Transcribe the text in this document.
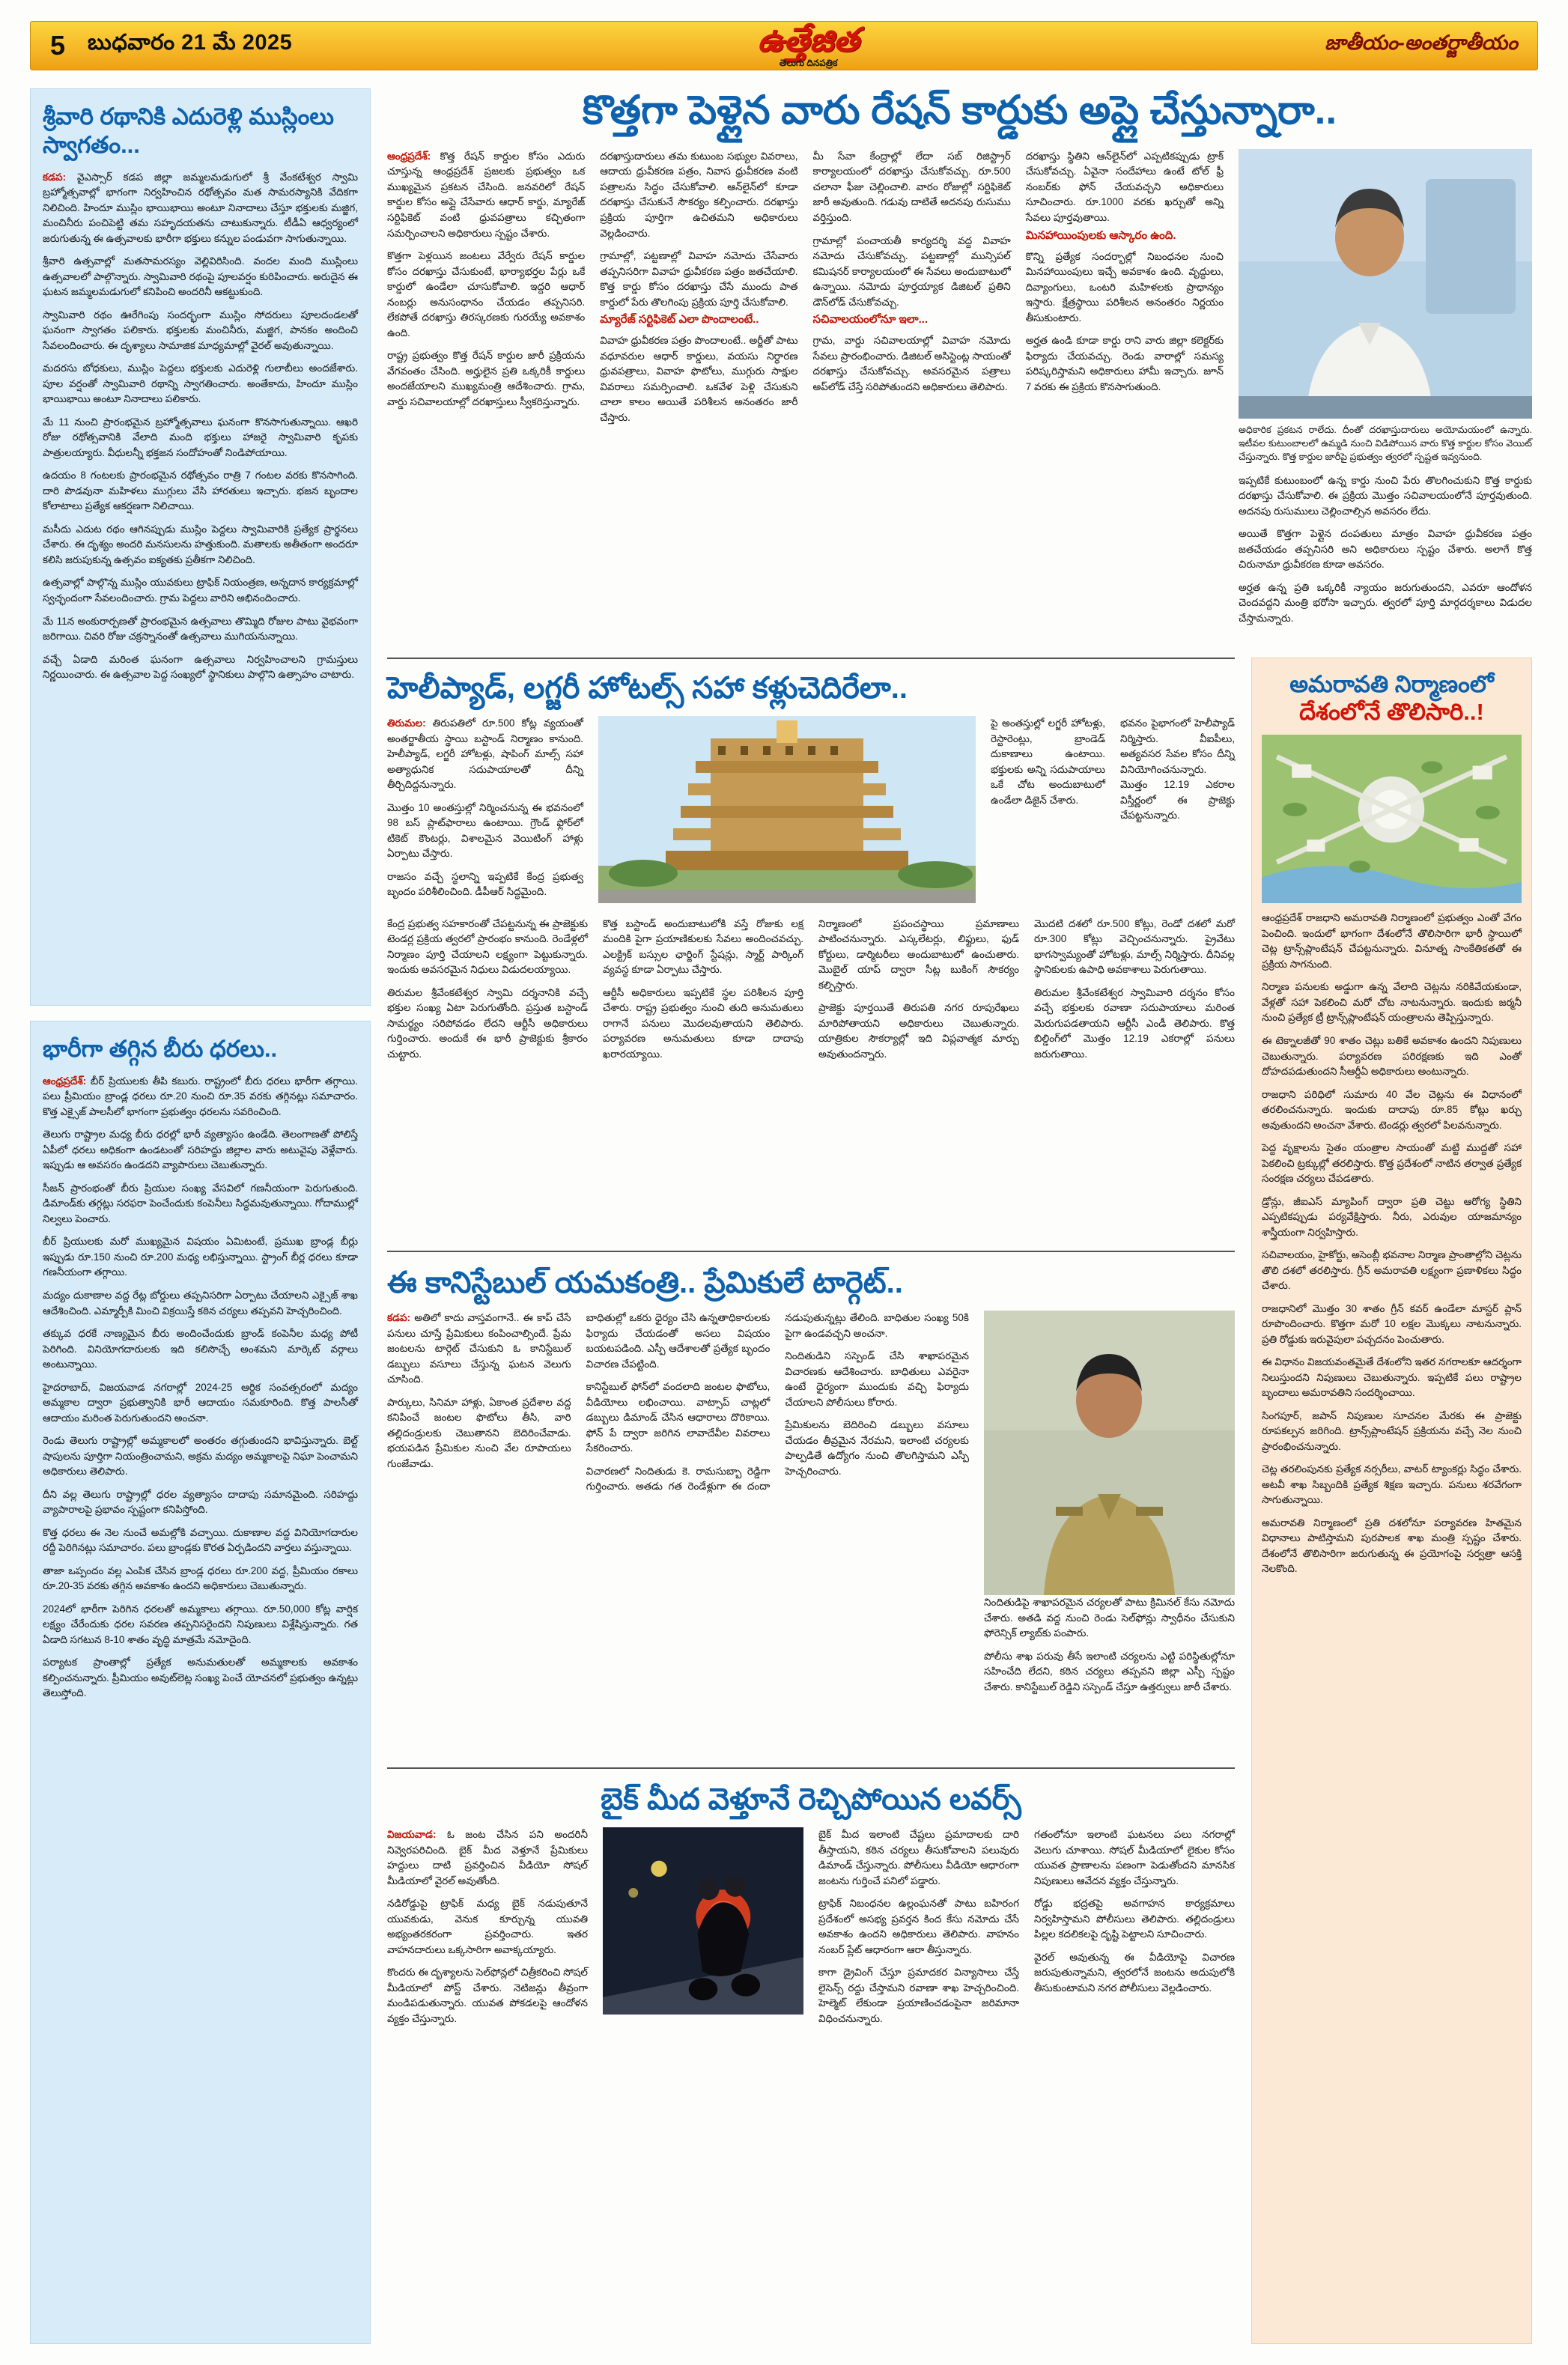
5 బుధవారం 21 మే 2025	ఉత్తేజిత
తెలుగు దినపత్రిక
జాతీయం-అంతర్జాతీయం
శ్రీవారి రథానికి ఎదురెళ్లి ముస్లింలు స్వాగతం...

కడప: వైఎస్సార్ కడప జిల్లా జమ్మలమడుగులో శ్రీ వేంకటేశ్వర స్వామి బ్రహ్మోత్సవాల్లో భాగంగా నిర్వహించిన రథోత్సవం మత సామరస్యానికి వేదికగా నిలిచింది. హిందూ ముస్లిం భాయిభాయి అంటూ నినాదాలు చేస్తూ భక్తులకు మజ్జిగ, మంచినీరు పంచిపెట్టి తమ సహృదయతను చాటుకున్నారు. టీడీఏ ఆధ్వర్యంలో జరుగుతున్న ఈ ఉత్సవాలకు భారీగా భక్తులు కన్నుల పండువగా సాగుతున్నాయి.

శ్రీవారి ఉత్సవాల్లో మతసామరస్యం వెల్లివిరిసింది. వందల మంది ముస్లింలు ఉత్సవాలలో పాల్గొన్నారు. స్వామివారి రథంపై పూలవర్షం కురిపించారు. అరుదైన ఈ ఘటన జమ్మలమడుగులో కనిపించి అందరినీ ఆకట్టుకుంది.

స్వామివారి రథం ఊరేగింపు సందర్భంగా ముస్లిం సోదరులు పూలదండలతో ఘనంగా స్వాగతం పలికారు. భక్తులకు మంచినీరు, మజ్జిగ, పానకం అందించి సేవలందించారు. ఈ దృశ్యాలు సామాజిక మాధ్యమాల్లో వైరల్ అవుతున్నాయి.

మదరసు బోధకులు, ముస్లిం పెద్దలు భక్తులకు ఎదురెళ్లి గులాబీలు అందజేశారు. పూల వర్షంతో స్వామివారి రథాన్ని స్వాగతించారు. అంతేకాదు, హిందూ ముస్లిం భాయిభాయి అంటూ నినాదాలు పలికారు.

మే 11 నుంచి ప్రారంభమైన బ్రహ్మోత్సవాలు ఘనంగా కొనసాగుతున్నాయి. ఆఖరి రోజు రథోత్సవానికి వేలాది మంది భక్తులు హాజరై స్వామివారి కృపకు పాత్రులయ్యారు. వీధులన్నీ భక్తజన సందోహంతో నిండిపోయాయి.

ఉదయం 8 గంటలకు ప్రారంభమైన రథోత్సవం రాత్రి 7 గంటల వరకు కొనసాగింది. దారి పొడవునా మహిళలు ముగ్గులు వేసి హారతులు ఇచ్చారు. భజన బృందాల కోలాటాలు ప్రత్యేక ఆకర్షణగా నిలిచాయి.

మసీదు ఎదుట రథం ఆగినప్పుడు ముస్లిం పెద్దలు స్వామివారికి ప్రత్యేక ప్రార్థనలు చేశారు. ఈ దృశ్యం అందరి మనసులను హత్తుకుంది. మతాలకు అతీతంగా అందరూ కలిసి జరుపుకున్న ఉత్సవం ఐక్యతకు ప్రతీకగా నిలిచింది.

ఉత్సవాల్లో పాల్గొన్న ముస్లిం యువకులు ట్రాఫిక్ నియంత్రణ, అన్నదాన కార్యక్రమాల్లో స్వచ్ఛందంగా సేవలందించారు. గ్రామ పెద్దలు వారిని అభినందించారు.

మే 11న అంకురార్పణతో ప్రారంభమైన ఉత్సవాలు తొమ్మిది రోజుల పాటు వైభవంగా జరిగాయి. చివరి రోజు చక్రస్నానంతో ఉత్సవాలు ముగియనున్నాయి.

వచ్చే ఏడాది మరింత ఘనంగా ఉత్సవాలు నిర్వహించాలని గ్రామస్తులు నిర్ణయించారు. ఈ ఉత్సవాల పెద్ద సంఖ్యలో స్థానికులు పాల్గొని ఉత్సాహం చాటారు.

భారీగా తగ్గిన బీరు ధరలు..

ఆంధ్రప్రదేశ్: బీర్ ప్రియులకు తీపి కబురు. రాష్ట్రంలో బీరు ధరలు భారీగా తగ్గాయి. పలు ప్రీమియం బ్రాండ్ల ధరలు రూ.20 నుంచి రూ.35 వరకు తగ్గినట్లు సమాచారం. కొత్త ఎక్సైజ్ పాలసీలో భాగంగా ప్రభుత్వం ధరలను సవరించింది.

తెలుగు రాష్ట్రాల మధ్య బీరు ధరల్లో భారీ వ్యత్యాసం ఉండేది. తెలంగాణతో పోలిస్తే ఏపీలో ధరలు అధికంగా ఉండటంతో సరిహద్దు జిల్లాల వారు అటువైపు వెళ్లేవారు. ఇప్పుడు ఆ అవసరం ఉండదని వ్యాపారులు చెబుతున్నారు.

సీజన్ ప్రారంభంతో బీరు ప్రియుల సంఖ్య వేసవిలో గణనీయంగా పెరుగుతుంది. డిమాండ్‌కు తగ్గట్లు సరఫరా పెంచేందుకు కంపెనీలు సిద్ధమవుతున్నాయి. గోదాముల్లో నిల్వలు పెంచారు.

బీర్ ప్రియులకు మరో ముఖ్యమైన విషయం ఏమిటంటే, ప్రముఖ బ్రాండ్ల బీర్లు ఇప్పుడు రూ.150 నుంచి రూ.200 మధ్య లభిస్తున్నాయి. స్ట్రాంగ్ బీర్ల ధరలు కూడా గణనీయంగా తగ్గాయి.

మద్యం దుకాణాల వద్ద రేట్ల బోర్డులు తప్పనిసరిగా ఏర్పాటు చేయాలని ఎక్సైజ్ శాఖ ఆదేశించింది. ఎమ్మార్పీకి మించి విక్రయిస్తే కఠిన చర్యలు తప్పవని హెచ్చరించింది.

తక్కువ ధరకే నాణ్యమైన బీరు అందించేందుకు బ్రాండ్ కంపెనీల మధ్య పోటీ పెరిగింది. వినియోగదారులకు ఇది కలిసొచ్చే అంశమని మార్కెట్ వర్గాలు అంటున్నాయి.

హైదరాబాద్, విజయవాడ నగరాల్లో 2024-25 ఆర్థిక సంవత్సరంలో మద్యం అమ్మకాల ద్వారా ప్రభుత్వానికి భారీ ఆదాయం సమకూరింది. కొత్త పాలసీతో ఆదాయం మరింత పెరుగుతుందని అంచనా.

రెండు తెలుగు రాష్ట్రాల్లో అమ్మకాలలో అంతరం తగ్గుతుందని భావిస్తున్నారు. బెల్ట్ షాపులను పూర్తిగా నియంత్రించామని, అక్రమ మద్యం అమ్మకాలపై నిఘా పెంచామని అధికారులు తెలిపారు.

దీని వల్ల తెలుగు రాష్ట్రాల్లో ధరల వ్యత్యాసం దాదాపు సమానమైంది. సరిహద్దు వ్యాపారాలపై ప్రభావం స్పష్టంగా కనిపిస్తోంది.

కొత్త ధరలు ఈ నెల నుంచే అమల్లోకి వచ్చాయి. దుకాణాల వద్ద వినియోగదారుల రద్దీ పెరిగినట్లు సమాచారం. పలు బ్రాండ్లకు కొరత ఏర్పడిందని వార్తలు వస్తున్నాయి.

తాజా ఒప్పందం వల్ల ఎంపిక చేసిన బ్రాండ్ల ధరలు రూ.200 వద్ద, ప్రీమియం రకాలు రూ.20-35 వరకు తగ్గిన అవకాశం ఉందని అధికారులు చెబుతున్నారు.

2024లో భారీగా పెరిగిన ధరలతో అమ్మకాలు తగ్గాయి. రూ.50,000 కోట్ల వార్షిక లక్ష్యం చేరేందుకు ధరల సవరణ తప్పనిసరైందని నిపుణులు విశ్లేషిస్తున్నారు. గత ఏడాది సగటున 8-10 శాతం వృద్ధి మాత్రమే నమోదైంది.

పర్యాటక ప్రాంతాల్లో ప్రత్యేక అనుమతులతో అమ్మకాలకు అవకాశం కల్పించనున్నారు. ప్రీమియం అవుట్‌లెట్ల సంఖ్య పెంచే యోచనలో ప్రభుత్వం ఉన్నట్లు తెలుస్తోంది.

కొత్తగా పెళ్లైన వారు రేషన్ కార్డుకు అప్లై చేస్తున్నారా..

ఆంధ్రప్రదేశ్: కొత్త రేషన్ కార్డుల కోసం ఎదురు చూస్తున్న ఆంధ్రప్రదేశ్ ప్రజలకు ప్రభుత్వం ఒక ముఖ్యమైన ప్రకటన చేసింది. జనవరిలో రేషన్ కార్డుల కోసం అప్లై చేసేవారు ఆధార్ కార్డు, మ్యారేజ్ సర్టిఫికెట్ వంటి ధ్రువపత్రాలు కచ్చితంగా సమర్పించాలని అధికారులు స్పష్టం చేశారు.

కొత్తగా పెళ్లయిన జంటలు వేర్వేరు రేషన్ కార్డుల కోసం దరఖాస్తు చేసుకుంటే, భార్యాభర్తల పేర్లు ఒకే కార్డులో ఉండేలా చూసుకోవాలి. ఇద్దరి ఆధార్ నంబర్లు అనుసంధానం చేయడం తప్పనిసరి. లేకపోతే దరఖాస్తు తిరస్కరణకు గురయ్యే అవకాశం ఉంది.

రాష్ట్ర ప్రభుత్వం కొత్త రేషన్ కార్డుల జారీ ప్రక్రియను వేగవంతం చేసింది. అర్హులైన ప్రతి ఒక్కరికీ కార్డులు అందజేయాలని ముఖ్యమంత్రి ఆదేశించారు. గ్రామ, వార్డు సచివాలయాల్లో దరఖాస్తులు స్వీకరిస్తున్నారు.

దరఖాస్తుదారులు తమ కుటుంబ సభ్యుల వివరాలు, ఆదాయ ధ్రువీకరణ పత్రం, నివాస ధ్రువీకరణ వంటి పత్రాలను సిద్ధం చేసుకోవాలి. ఆన్‌లైన్‌లో కూడా దరఖాస్తు చేసుకునే సౌకర్యం కల్పించారు. దరఖాస్తు ప్రక్రియ పూర్తిగా ఉచితమని అధికారులు వెల్లడించారు.

గ్రామాల్లో, పట్టణాల్లో వివాహ నమోదు చేసేవారు తప్పనిసరిగా వివాహ ధ్రువీకరణ పత్రం జతచేయాలి. కొత్త కార్డు కోసం దరఖాస్తు చేసే ముందు పాత కార్డులో పేరు తొలగింపు ప్రక్రియ పూర్తి చేసుకోవాలి.

మ్యారేజ్ సర్టిఫికెట్ ఎలా పొందాలంటే..

వివాహ ధ్రువీకరణ పత్రం పొందాలంటే.. అర్జీతో పాటు వధూవరుల ఆధార్ కార్డులు, వయసు నిర్ధారణ ధ్రువపత్రాలు, వివాహ ఫొటోలు, ముగ్గురు సాక్షుల వివరాలు సమర్పించాలి. ఒకవేళ పెళ్లి చేసుకుని చాలా కాలం అయితే పరిశీలన అనంతరం జారీ చేస్తారు.

మీ సేవా కేంద్రాల్లో లేదా సబ్ రిజిస్ట్రార్ కార్యాలయంలో దరఖాస్తు చేసుకోవచ్చు. రూ.500 చలానా ఫీజు చెల్లించాలి. వారం రోజుల్లో సర్టిఫికెట్ జారీ అవుతుంది. గడువు దాటితే అదనపు రుసుము వర్తిస్తుంది.

గ్రామాల్లో పంచాయతీ కార్యదర్శి వద్ద వివాహ నమోదు చేసుకోవచ్చు. పట్టణాల్లో మున్సిపల్ కమిషనర్ కార్యాలయంలో ఈ సేవలు అందుబాటులో ఉన్నాయి. నమోదు పూర్తయ్యాక డిజిటల్ ప్రతిని డౌన్‌లోడ్ చేసుకోవచ్చు.

సచివాలయంలోనూ ఇలా...

గ్రామ, వార్డు సచివాలయాల్లో వివాహ నమోదు సేవలు ప్రారంభించారు. డిజిటల్ అసిస్టెంట్ల సాయంతో దరఖాస్తు చేసుకోవచ్చు. అవసరమైన పత్రాలు అప్‌లోడ్ చేస్తే సరిపోతుందని అధికారులు తెలిపారు.

దరఖాస్తు స్థితిని ఆన్‌లైన్‌లో ఎప్పటికప్పుడు ట్రాక్ చేసుకోవచ్చు. ఏవైనా సందేహాలు ఉంటే టోల్ ఫ్రీ నంబర్‌కు ఫోన్ చేయవచ్చని అధికారులు సూచించారు. రూ.1000 వరకు ఖర్చుతో అన్ని సేవలు పూర్తవుతాయి.

మినహాయింపులకు ఆస్కారం ఉంది.

కొన్ని ప్రత్యేక సందర్భాల్లో నిబంధనల నుంచి మినహాయింపులు ఇచ్చే అవకాశం ఉంది. వృద్ధులు, దివ్యాంగులు, ఒంటరి మహిళలకు ప్రాధాన్యం ఇస్తారు. క్షేత్రస్థాయి పరిశీలన అనంతరం నిర్ణయం తీసుకుంటారు.

అర్హత ఉండి కూడా కార్డు రాని వారు జిల్లా కలెక్టర్‌కు ఫిర్యాదు చేయవచ్చు. రెండు వారాల్లో సమస్య పరిష్కరిస్తామని అధికారులు హామీ ఇచ్చారు. జూన్ 7 వరకు ఈ ప్రక్రియ కొనసాగుతుంది.

అధికారిక ప్రకటన రాలేదు. దీంతో దరఖాస్తుదారులు అయోమయంలో ఉన్నారు. ఇటీవల కుటుంబాలలో ఉమ్మడి నుంచి విడిపోయిన వారు కొత్త కార్డుల కోసం వెయిట్ చేస్తున్నారు. కొత్త కార్డుల జారీపై ప్రభుత్వం త్వరలో స్పష్టత ఇవ్వనుంది.

ఇప్పటికే కుటుంబంలో ఉన్న కార్డు నుంచి పేరు తొలగించుకుని కొత్త కార్డుకు దరఖాస్తు చేసుకోవాలి. ఈ ప్రక్రియ మొత్తం సచివాలయంలోనే పూర్తవుతుంది. అదనపు రుసుములు చెల్లించాల్సిన అవసరం లేదు.

అయితే కొత్తగా పెళ్లైన దంపతులు మాత్రం వివాహ ధ్రువీకరణ పత్రం జతచేయడం తప్పనిసరి అని అధికారులు స్పష్టం చేశారు. అలాగే కొత్త చిరునామా ధ్రువీకరణ కూడా అవసరం.

అర్హత ఉన్న ప్రతి ఒక్కరికీ న్యాయం జరుగుతుందని, ఎవరూ ఆందోళన చెందవద్దని మంత్రి భరోసా ఇచ్చారు. త్వరలో పూర్తి మార్గదర్శకాలు విడుదల చేస్తామన్నారు.

హెలీప్యాడ్, లగ్జరీ హోటల్స్ సహా కళ్లుచెదిరేలా..

తిరుమల: తిరుపతిలో రూ.500 కోట్ల వ్యయంతో అంతర్జాతీయ స్థాయి బస్టాండ్ నిర్మాణం కానుంది. హెలీప్యాడ్, లగ్జరీ హోటళ్లు, షాపింగ్ మాల్స్ సహా అత్యాధునిక సదుపాయాలతో దీన్ని తీర్చిదిద్దనున్నారు.

మొత్తం 10 అంతస్తుల్లో నిర్మించనున్న ఈ భవనంలో 98 బస్ ప్లాట్‌ఫారాలు ఉంటాయి. గ్రౌండ్ ఫ్లోర్‌లో టికెట్ కౌంటర్లు, విశాలమైన వెయిటింగ్ హాళ్లు ఏర్పాటు చేస్తారు.

రాజసం వచ్చే స్థలాన్ని ఇప్పటికే కేంద్ర ప్రభుత్వ బృందం పరిశీలించింది. డీపీఆర్ సిద్ధమైంది.

పై అంతస్తుల్లో లగ్జరీ హోటళ్లు, రెస్టారెంట్లు, బ్రాండెడ్ దుకాణాలు ఉంటాయి. భక్తులకు అన్ని సదుపాయాలు ఒకే చోట అందుబాటులో ఉండేలా డిజైన్ చేశారు.

భవనం పైభాగంలో హెలీప్యాడ్ నిర్మిస్తారు. వీఐపీలు, అత్యవసర సేవల కోసం దీన్ని వినియోగించనున్నారు. మొత్తం 12.19 ఎకరాల విస్తీర్ణంలో ఈ ప్రాజెక్టు చేపట్టనున్నారు.

కేంద్ర ప్రభుత్వ సహకారంతో చేపట్టనున్న ఈ ప్రాజెక్టుకు టెండర్ల ప్రక్రియ త్వరలో ప్రారంభం కానుంది. రెండేళ్లలో నిర్మాణం పూర్తి చేయాలని లక్ష్యంగా పెట్టుకున్నారు. ఇందుకు అవసరమైన నిధులు విడుదలయ్యాయి.

తిరుమల శ్రీవేంకటేశ్వర స్వామి దర్శనానికి వచ్చే భక్తుల సంఖ్య ఏటా పెరుగుతోంది. ప్రస్తుత బస్టాండ్ సామర్థ్యం సరిపోవడం లేదని ఆర్టీసీ అధికారులు గుర్తించారు. అందుకే ఈ భారీ ప్రాజెక్టుకు శ్రీకారం చుట్టారు.

కొత్త బస్టాండ్ అందుబాటులోకి వస్తే రోజుకు లక్ష మందికి పైగా ప్రయాణికులకు సేవలు అందించవచ్చు. ఎలక్ట్రిక్ బస్సుల ఛార్జింగ్ స్టేషన్లు, స్మార్ట్ పార్కింగ్ వ్యవస్థ కూడా ఏర్పాటు చేస్తారు.

ఆర్టీసీ అధికారులు ఇప్పటికే స్థల పరిశీలన పూర్తి చేశారు. రాష్ట్ర ప్రభుత్వం నుంచి తుది అనుమతులు రాగానే పనులు మొదలవుతాయని తెలిపారు. పర్యావరణ అనుమతులు కూడా దాదాపు ఖరారయ్యాయి.

నిర్మాణంలో ప్రపంచస్థాయి ప్రమాణాలు పాటించనున్నారు. ఎస్కలేటర్లు, లిఫ్టులు, ఫుడ్ కోర్టులు, డార్మిటరీలు అందుబాటులో ఉంచుతారు. మొబైల్ యాప్ ద్వారా సీట్ల బుకింగ్ సౌకర్యం కల్పిస్తారు.

ప్రాజెక్టు పూర్తయితే తిరుపతి నగర రూపురేఖలు మారిపోతాయని అధికారులు చెబుతున్నారు. యాత్రికుల సౌకర్యాల్లో ఇది విప్లవాత్మక మార్పు అవుతుందన్నారు.

మొదటి దశలో రూ.500 కోట్లు, రెండో దశలో మరో రూ.300 కోట్లు వెచ్చించనున్నారు. ప్రైవేటు భాగస్వామ్యంతో హోటళ్లు, మాల్స్ నిర్మిస్తారు. దీనివల్ల స్థానికులకు ఉపాధి అవకాశాలు పెరుగుతాయి.

తిరుమల శ్రీవేంకటేశ్వర స్వామివారి దర్శనం కోసం వచ్చే భక్తులకు రవాణా సదుపాయాలు మరింత మెరుగుపడతాయని ఆర్టీసీ ఎండీ తెలిపారు. కొత్త బిల్డింగ్‌లో మొత్తం 12.19 ఎకరాల్లో పనులు జరుగుతాయి.

ఈ కానిస్టేబుల్ యమకంత్రి.. ప్రేమికులే టార్గెట్..

కడప: అతిలో కాదు వాస్తవంగానే.. ఈ కాప్ చేసే పనులు చూస్తే ప్రేమికులు కంపించాల్సిందే. ప్రేమ జంటలను టార్గెట్ చేసుకుని ఓ కానిస్టేబుల్ డబ్బులు వసూలు చేస్తున్న ఘటన వెలుగు చూసింది.

పార్కులు, సినిమా హాళ్లు, ఏకాంత ప్రదేశాల వద్ద కనిపించే జంటల ఫొటోలు తీసి, వారి తల్లిదండ్రులకు చెబుతానని బెదిరించేవాడు. భయపడిన ప్రేమికుల నుంచి వేల రూపాయలు గుంజేవాడు.

బాధితుల్లో ఒకరు ధైర్యం చేసి ఉన్నతాధికారులకు ఫిర్యాదు చేయడంతో అసలు విషయం బయటపడింది. ఎస్పీ ఆదేశాలతో ప్రత్యేక బృందం విచారణ చేపట్టింది.

కానిస్టేబుల్ ఫోన్‌లో వందలాది జంటల ఫొటోలు, వీడియోలు లభించాయి. వాట్సాప్ చాట్లలో డబ్బులు డిమాండ్ చేసిన ఆధారాలు దొరికాయి. ఫోన్ పే ద్వారా జరిగిన లావాదేవీల వివరాలు సేకరించారు.

విచారణలో నిందితుడు కె. రామసుబ్బా రెడ్డిగా గుర్తించారు. అతడు గత రెండేళ్లుగా ఈ దందా నడుపుతున్నట్లు తేలింది. బాధితుల సంఖ్య 50కి పైగా ఉండవచ్చని అంచనా.

నిందితుడిని సస్పెండ్ చేసి శాఖాపరమైన విచారణకు ఆదేశించారు. బాధితులు ఎవరైనా ఉంటే ధైర్యంగా ముందుకు వచ్చి ఫిర్యాదు చేయాలని పోలీసులు కోరారు.

ప్రేమికులను బెదిరించి డబ్బులు వసూలు చేయడం తీవ్రమైన నేరమని, ఇలాంటి చర్యలకు పాల్పడితే ఉద్యోగం నుంచి తొలగిస్తామని ఎస్పీ హెచ్చరించారు.

నిందితుడిపై శాఖాపరమైన చర్యలతో పాటు క్రిమినల్ కేసు నమోదు చేశారు. అతడి వద్ద నుంచి రెండు సెల్‌ఫోన్లు స్వాధీనం చేసుకుని ఫోరెన్సిక్ ల్యాబ్‌కు పంపారు.

పోలీసు శాఖ పరువు తీసే ఇలాంటి చర్యలను ఎట్టి పరిస్థితుల్లోనూ సహించేది లేదని, కఠిన చర్యలు తప్పవని జిల్లా ఎస్పీ స్పష్టం చేశారు. కానిస్టేబుల్ రెడ్డిని సస్పెండ్ చేస్తూ ఉత్తర్వులు జారీ చేశారు.

బైక్ మీద వెళ్తూనే రెచ్చిపోయిన లవర్స్

విజయవాడ: ఓ జంట చేసిన పని అందరినీ నివ్వెరపరిచింది. బైక్ మీద వెళ్తూనే ప్రేమికులు హద్దులు దాటి ప్రవర్తించిన వీడియో సోషల్ మీడియాలో వైరల్ అవుతోంది.

నడిరోడ్డుపై ట్రాఫిక్ మధ్య బైక్ నడుపుతూనే యువకుడు, వెనుక కూర్చున్న యువతి అభ్యంతరకరంగా ప్రవర్తించారు. ఇతర వాహనదారులు ఒక్కసారిగా అవాక్కయ్యారు.

కొందరు ఈ దృశ్యాలను సెల్‌ఫోన్లలో చిత్రీకరించి సోషల్ మీడియాలో పోస్ట్ చేశారు. నెటిజన్లు తీవ్రంగా మండిపడుతున్నారు. యువత పోకడలపై ఆందోళన వ్యక్తం చేస్తున్నారు.

బైక్ మీద ఇలాంటి చేష్టలు ప్రమాదాలకు దారి తీస్తాయని, కఠిన చర్యలు తీసుకోవాలని పలువురు డిమాండ్ చేస్తున్నారు. పోలీసులు వీడియో ఆధారంగా జంటను గుర్తించే పనిలో పడ్డారు.

ట్రాఫిక్ నిబంధనల ఉల్లంఘనతో పాటు బహిరంగ ప్రదేశంలో అసభ్య ప్రవర్తన కింద కేసు నమోదు చేసే అవకాశం ఉందని అధికారులు తెలిపారు. వాహనం నంబర్ ప్లేట్ ఆధారంగా ఆరా తీస్తున్నారు.

కాగా డ్రైవింగ్ చేస్తూ ప్రమాదకర విన్యాసాలు చేస్తే లైసెన్స్ రద్దు చేస్తామని రవాణా శాఖ హెచ్చరించింది. హెల్మెట్ లేకుండా ప్రయాణించడంపైనా జరిమానా విధించనున్నారు.

గతంలోనూ ఇలాంటి ఘటనలు పలు నగరాల్లో వెలుగు చూశాయి. సోషల్ మీడియాలో లైకుల కోసం యువత ప్రాణాలను పణంగా పెడుతోందని మానసిక నిపుణులు ఆవేదన వ్యక్తం చేస్తున్నారు.

రోడ్డు భద్రతపై అవగాహన కార్యక్రమాలు నిర్వహిస్తామని పోలీసులు తెలిపారు. తల్లిదండ్రులు పిల్లల కదలికలపై దృష్టి పెట్టాలని సూచించారు.

వైరల్ అవుతున్న ఈ వీడియోపై విచారణ జరుపుతున్నామని, త్వరలోనే జంటను అదుపులోకి తీసుకుంటామని నగర పోలీసులు వెల్లడించారు.

అమరావతి నిర్మాణంలో
దేశంలోనే తొలిసారి..!

ఆంధ్రప్రదేశ్ రాజధాని అమరావతి నిర్మాణంలో ప్రభుత్వం ఎంతో వేగం పెంచింది. ఇందులో భాగంగా దేశంలోనే తొలిసారిగా భారీ స్థాయిలో చెట్ల ట్రాన్స్‌ప్లాంటేషన్ చేపట్టనున్నారు. వినూత్న సాంకేతికతతో ఈ ప్రక్రియ సాగనుంది.

నిర్మాణ పనులకు అడ్డుగా ఉన్న వేలాది చెట్లను నరికివేయకుండా, వేళ్లతో సహా పెకలించి మరో చోట నాటనున్నారు. ఇందుకు జర్మనీ నుంచి ప్రత్యేక ట్రీ ట్రాన్స్‌ప్లాంటేషన్ యంత్రాలను తెప్పిస్తున్నారు.

ఈ టెక్నాలజీతో 90 శాతం చెట్లు బతికే అవకాశం ఉందని నిపుణులు చెబుతున్నారు. పర్యావరణ పరిరక్షణకు ఇది ఎంతో దోహదపడుతుందని సీఆర్డీఏ అధికారులు అంటున్నారు.

రాజధాని పరిధిలో సుమారు 40 వేల చెట్లను ఈ విధానంలో తరలించనున్నారు. ఇందుకు దాదాపు రూ.85 కోట్లు ఖర్చు అవుతుందని అంచనా వేశారు. టెండర్లు త్వరలో పిలవనున్నారు.

పెద్ద వృక్షాలను సైతం యంత్రాల సాయంతో మట్టి ముద్దతో సహా పెకలించి ట్రక్కుల్లో తరలిస్తారు. కొత్త ప్రదేశంలో నాటిన తర్వాత ప్రత్యేక సంరక్షణ చర్యలు చేపడతారు.

డ్రోన్లు, జీఐఎస్ మ్యాపింగ్ ద్వారా ప్రతి చెట్టు ఆరోగ్య స్థితిని ఎప్పటికప్పుడు పర్యవేక్షిస్తారు. నీరు, ఎరువుల యాజమాన్యం శాస్త్రీయంగా నిర్వహిస్తారు.

సచివాలయం, హైకోర్టు, అసెంబ్లీ భవనాల నిర్మాణ ప్రాంతాల్లోని చెట్లను తొలి దశలో తరలిస్తారు. గ్రీన్ అమరావతి లక్ష్యంగా ప్రణాళికలు సిద్ధం చేశారు.

రాజధానిలో మొత్తం 30 శాతం గ్రీన్ కవర్ ఉండేలా మాస్టర్ ప్లాన్ రూపొందించారు. కొత్తగా మరో 10 లక్షల మొక్కలు నాటనున్నారు. ప్రతి రోడ్డుకు ఇరువైపులా పచ్చదనం పెంచుతారు.

ఈ విధానం విజయవంతమైతే దేశంలోని ఇతర నగరాలకూ ఆదర్శంగా నిలుస్తుందని నిపుణులు చెబుతున్నారు. ఇప్పటికే పలు రాష్ట్రాల బృందాలు అమరావతిని సందర్శించాయి.

సింగపూర్, జపాన్ నిపుణుల సూచనల మేరకు ఈ ప్రాజెక్టు రూపకల్పన జరిగింది. ట్రాన్స్‌ప్లాంటేషన్ ప్రక్రియను వచ్చే నెల నుంచి ప్రారంభించనున్నారు.

చెట్ల తరలింపునకు ప్రత్యేక నర్సరీలు, వాటర్ ట్యాంకర్లు సిద్ధం చేశారు. అటవీ శాఖ సిబ్బందికి ప్రత్యేక శిక్షణ ఇచ్చారు. పనులు శరవేగంగా సాగుతున్నాయి.

అమరావతి నిర్మాణంలో ప్రతి దశలోనూ పర్యావరణ హితమైన విధానాలు పాటిస్తామని పురపాలక శాఖ మంత్రి స్పష్టం చేశారు. దేశంలోనే తొలిసారిగా జరుగుతున్న ఈ ప్రయోగంపై సర్వత్రా ఆసక్తి నెలకొంది.
